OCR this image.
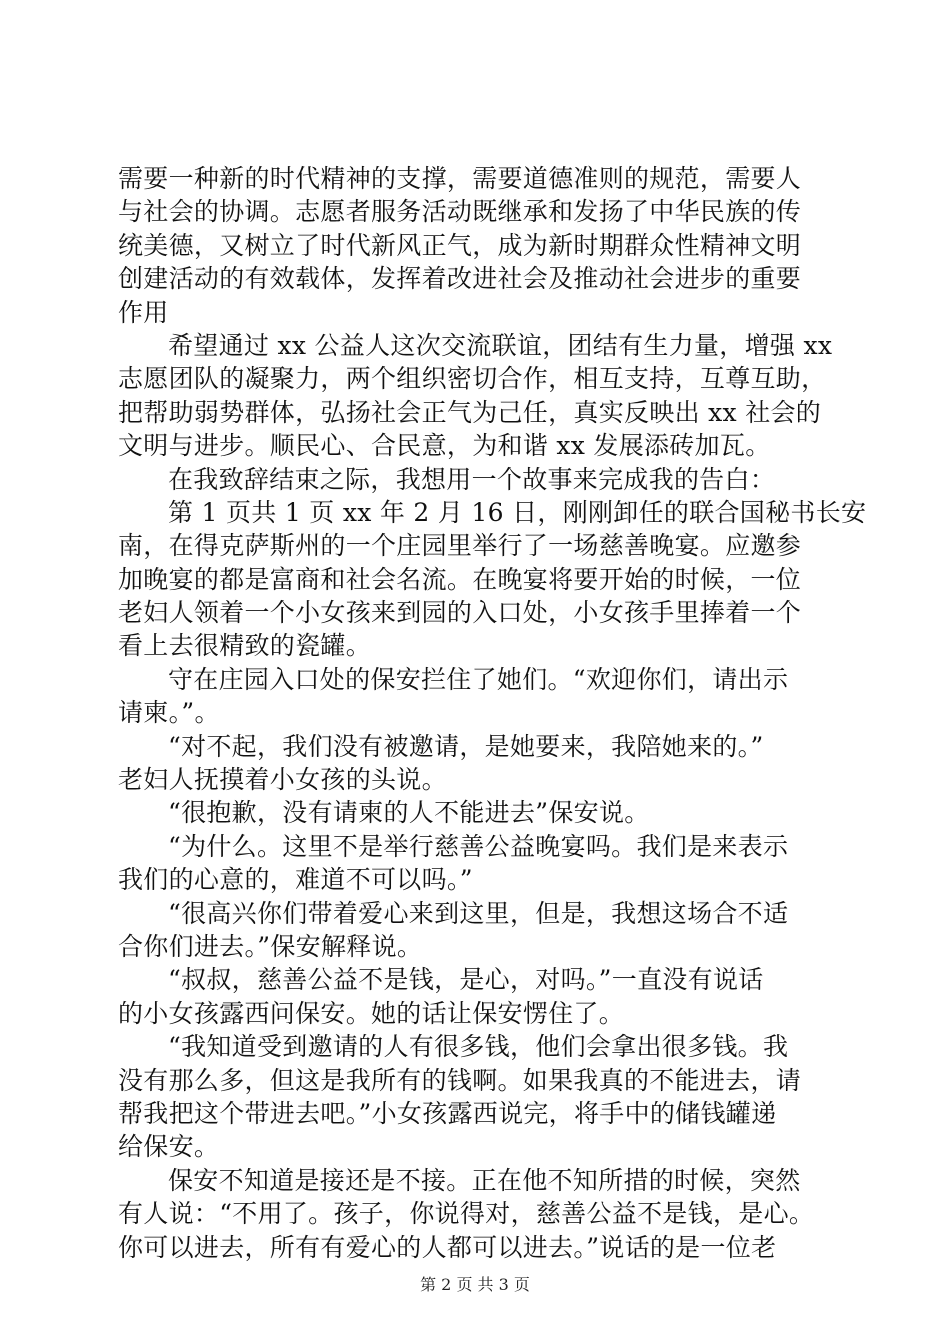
需要一种新的时代精神的支撑，需要道德准则的规范，需要人
与社会的协调。志愿者服务活动既继承和发扬了中华民族的传
统美德，又树立了时代新风正气，成为新时期群众性精神文明
创建活动的有效载体，发挥着改进社会及推动社会进步的重要
作用
希望通过 xx 公益人这次交流联谊，团结有生力量，增强 xx
志愿团队的凝聚力，两个组织密切合作，相互支持，互尊互助，
把帮助弱势群体，弘扬社会正气为己任，真实反映出 xx 社会的
文明与进步。顺民心、合民意，为和谐 xx 发展添砖加瓦。
在我致辞结束之际，我想用一个故事来完成我的告白：
第 1 页共 1 页 xx 年 2 月 16 日，刚刚卸任的联合国秘书长安
南，在得克萨斯州的一个庄园里举行了一场慈善晚宴。应邀参
加晚宴的都是富商和社会名流。在晚宴将要开始的时候，一位
老妇人领着一个小女孩来到园的入口处，小女孩手里捧着一个
看上去很精致的瓷罐。
守在庄园入口处的保安拦住了她们。“欢迎你们，请出示
请柬。”。
“对不起，我们没有被邀请，是她要来，我陪她来的。”
老妇人抚摸着小女孩的头说。
“很抱歉，没有请柬的人不能进去”保安说。
“为什么。这里不是举行慈善公益晚宴吗。我们是来表示
我们的心意的，难道不可以吗。”
“很高兴你们带着爱心来到这里，但是，我想这场合不适
合你们进去。”保安解释说。
“叔叔，慈善公益不是钱，是心，对吗。”一直没有说话
的小女孩露西问保安。她的话让保安愣住了。
“我知道受到邀请的人有很多钱，他们会拿出很多钱。我
没有那么多，但这是我所有的钱啊。如果我真的不能进去，请
帮我把这个带进去吧。”小女孩露西说完，将手中的储钱罐递
给保安。
保安不知道是接还是不接。正在他不知所措的时候，突然
有人说：“不用了。孩子，你说得对，慈善公益不是钱，是心。
你可以进去，所有有爱心的人都可以进去。”说话的是一位老
第 2 页 共 3 页
